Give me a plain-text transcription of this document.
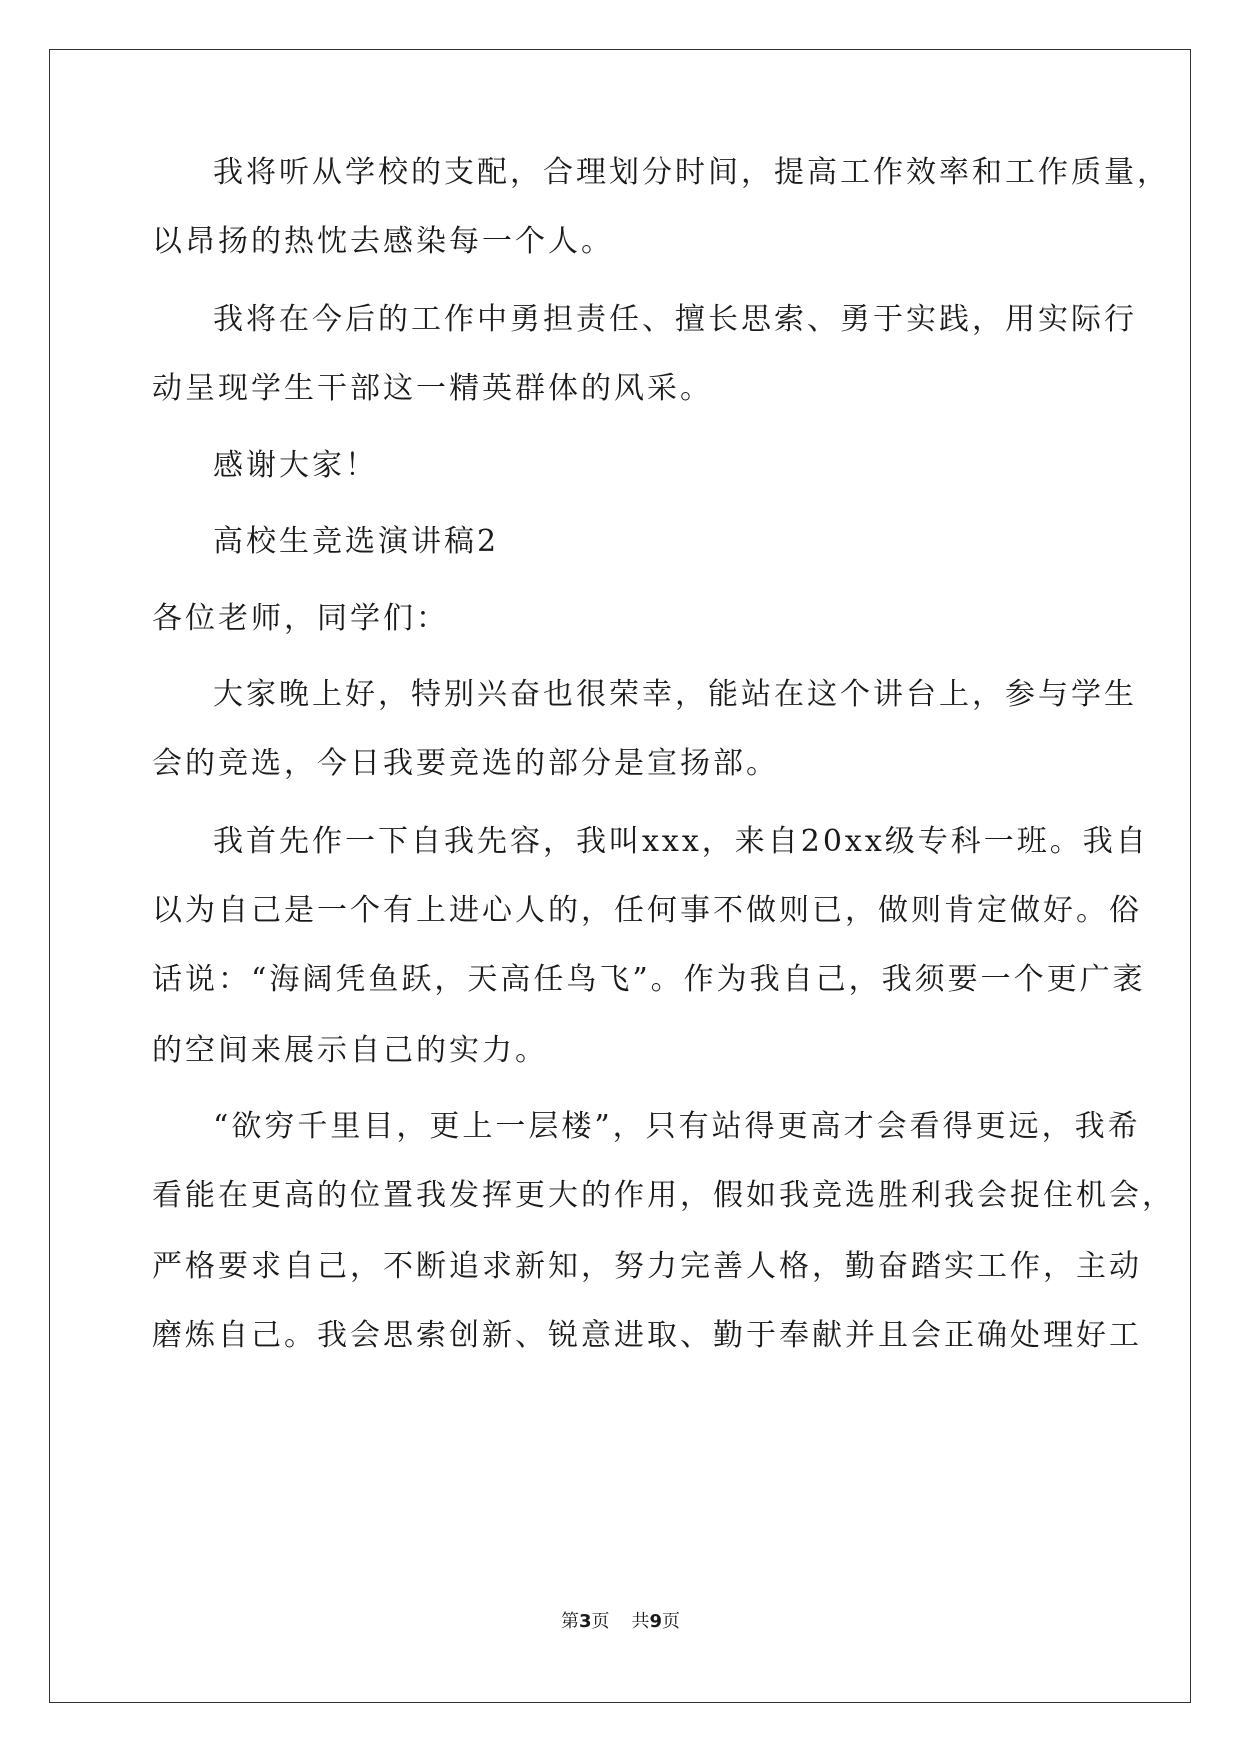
我将听从学校的支配，合理划分时间，提高工作效率和工作质量，
以昂扬的热忱去感染每一个人。
我将在今后的工作中勇担责任、擅长思索、勇于实践，用实际行
动呈现学生干部这一精英群体的风采。
感谢大家！
高校生竞选演讲稿2
各位老师，同学们：
大家晚上好，特别兴奋也很荣幸，能站在这个讲台上，参与学生
会的竞选，今日我要竞选的部分是宣扬部。
我首先作一下自我先容，我叫xxx，来自20xx级专科一班。我自
以为自己是一个有上进心人的，任何事不做则已，做则肯定做好。俗
话说：“海阔凭鱼跃，天高任鸟飞”。作为我自己，我须要一个更广袤
的空间来展示自己的实力。
“欲穷千里目，更上一层楼”，只有站得更高才会看得更远，我希
看能在更高的位置我发挥更大的作用，假如我竞选胜利我会捉住机会，
严格要求自己，不断追求新知，努力完善人格，勤奋踏实工作，主动
磨炼自己。我会思索创新、锐意进取、勤于奉献并且会正确处理好工
第3页 共9页
